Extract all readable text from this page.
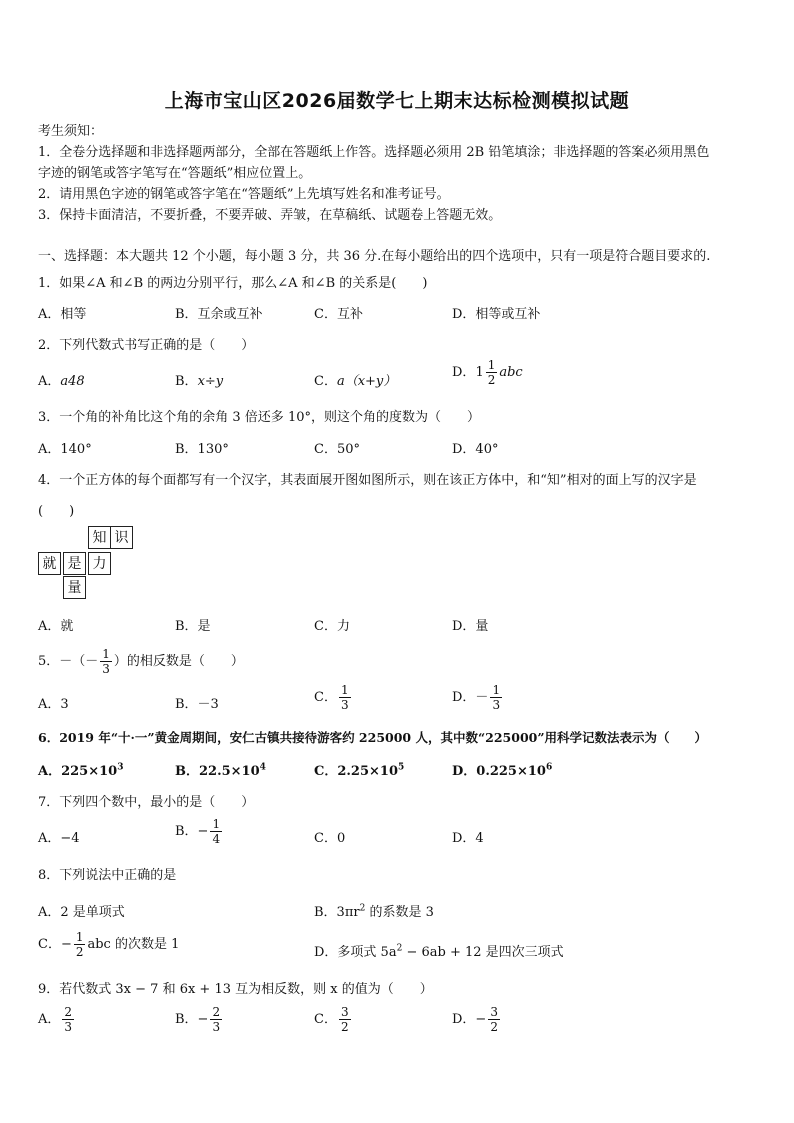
上海市宝山区2026届数学七上期末达标检测模拟试题
考生须知：
1．全卷分选择题和非选择题两部分，全部在答题纸上作答。选择题必须用 2B 铅笔填涂；非选择题的答案必须用黑色
字迹的钢笔或答字笔写在“答题纸”相应位置上。
2．请用黑色字迹的钢笔或答字笔在“答题纸”上先填写姓名和准考证号。
3．保持卡面清洁，不要折叠，不要弄破、弄皱，在草稿纸、试题卷上答题无效。
一、选择题：本大题共 12 个小题，每小题 3 分，共 36 分.在每小题给出的四个选项中，只有一项是符合题目要求的.
1．如果∠A 和∠B 的两边分别平行，那么∠A 和∠B 的关系是(　　)
A．相等	B．互余或互补	C．互补	D．相等或互补
2．下列代数式书写正确的是（　　）
A．a48	B．x÷y	C．a（x+y）
D．$1 \frac{1}{2}$ abc
3．一个角的补角比这个角的余角 3 倍还多 10°，则这个角的度数为（　　）
A．140°	B．130°	C．50°	D．40°
4．一个正方体的每个面都写有一个汉字，其表面展开图如图所示，则在该正方体中，和“知”相对的面上写的汉字是
(　　)
知 识
就 是 力
量
A．就	B．是	C．力	D．量
5．－（－ $\frac{1}{3}$ ）的相反数是（　　）
A．3	B．－3	C． $\frac{1}{3}$	D．－ $\frac{1}{3}$
6．2019 年“十·一”黄金周期间，安仁古镇共接待游客约 225000 人，其中数“225000”用科学记数法表示为（　　）
A．$225\times 10^3$	B．$22.5\times 10^4$	C．$2.25\times 10^5$	D．$0.225\times 10^6$
7．下列四个数中，最小的是（　　）
A．−4	B．− $\frac{1}{4}$	C．0	D．4
8．下列说法中正确的是
A．2 是单项式	B．$3\pi r^2$ 的系数是 3
C．− $\frac{1}{2}$ abc 的次数是 1
D．多项式 $5a^2 - 6ab + 12$ 是四次三项式
9．若代数式 3x − 7 和 6x + 13 互为相反数，则 x 的值为（　　）
A． $\frac{2}{3}$	B．− $\frac{2}{3}$	C． $\frac{3}{2}$	D．− $\frac{3}{2}$
